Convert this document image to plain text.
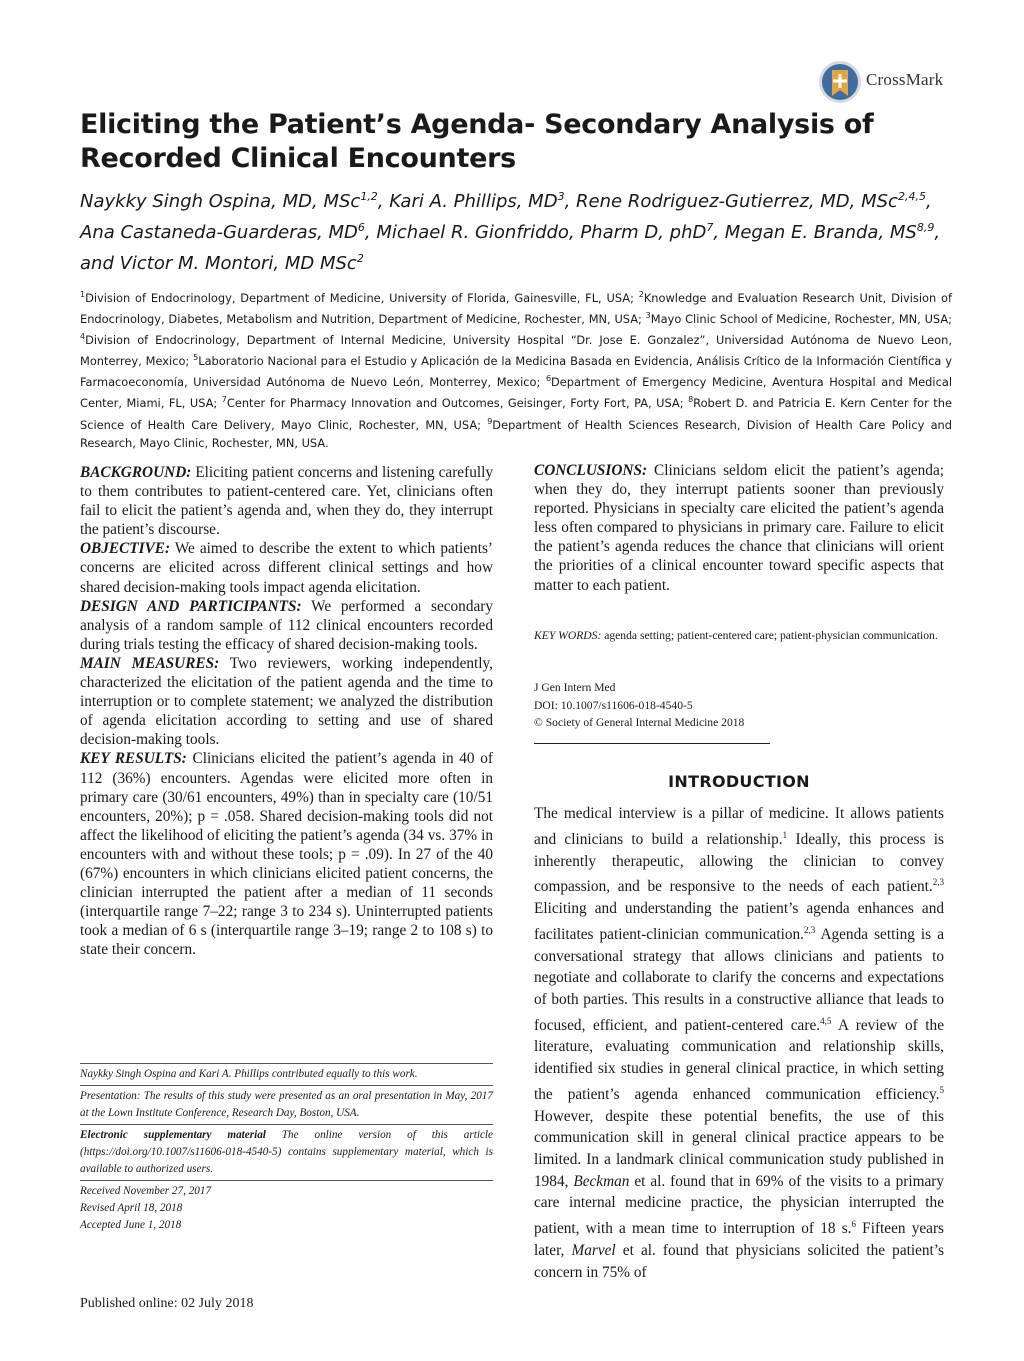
CrossMark
Eliciting the Patient’s Agenda- Secondary Analysis of Recorded Clinical Encounters
Naykky Singh Ospina, MD, MSc$^{1,2}$, Kari A. Phillips, $MD^3$, Rene Rodriguez-Gutierrez, MD, MSc$^{2,4,5}$, Ana Castaneda-Guarderas, $MD^6$, Michael R. Gionfriddo, Pharm D, phD$^7$, Megan E. Branda, MS$^{8,9}$, and Victor M. Montori, MD MSc$^2$
$^1$Division of Endocrinology, Department of Medicine, University of Florida, Gainesville, FL, USA; $^2$Knowledge and Evaluation Research Unit, Division of Endocrinology, Diabetes, Metabolism and Nutrition, Department of Medicine, Rochester, MN, USA; $^3$Mayo Clinic School of Medicine, Rochester, MN, USA; $^4$Division of Endocrinology, Department of Internal Medicine, University Hospital “Dr. Jose E. Gonzalez”, Universidad Autónoma de Nuevo Leon, Monterrey, Mexico; $^5$Laboratorio Nacional para el Estudio y Aplicación de la Medicina Basada en Evidencia, Análisis Crítico de la Información Científica y Farmacoeconomía, Universidad Autónoma de Nuevo León, Monterrey, Mexico; $^6$Department of Emergency Medicine, Aventura Hospital and Medical Center, Miami, FL, USA; $^7$Center for Pharmacy Innovation and Outcomes, Geisinger, Forty Fort, PA, USA; $^8$Robert D. and Patricia E. Kern Center for the Science of Health Care Delivery, Mayo Clinic, Rochester, MN, USA; $^9$Department of Health Sciences Research, Division of Health Care Policy and Research, Mayo Clinic, Rochester, MN, USA.

BACKGROUND: Eliciting patient concerns and listening carefully to them contributes to patient-centered care. Yet, clinicians often fail to elicit the patient’s agenda and, when they do, they interrupt the patient’s discourse.

OBJECTIVE: We aimed to describe the extent to which patients’ concerns are elicited across different clinical settings and how shared decision-making tools impact agenda elicitation.

DESIGN AND PARTICIPANTS: We performed a secondary analysis of a random sample of 112 clinical encounters recorded during trials testing the efficacy of shared decision-making tools.

MAIN MEASURES: Two reviewers, working independently, characterized the elicitation of the patient agenda and the time to interruption or to complete statement; we analyzed the distribution of agenda elicitation according to setting and use of shared decision-making tools.

KEY RESULTS: Clinicians elicited the patient’s agenda in 40 of 112 (36%) encounters. Agendas were elicited more often in primary care (30/61 encounters, 49%) than in specialty care (10/51 encounters, 20%); p = .058. Shared decision-making tools did not affect the likelihood of eliciting the patient’s agenda (34 vs. 37% in encounters with and without these tools; p = .09). In 27 of the 40 (67%) encounters in which clinicians elicited patient concerns, the clinician interrupted the patient after a median of 11 seconds (interquartile range 7–22; range 3 to 234 s). Uninterrupted patients took a median of 6 s (interquartile range 3–19; range 2 to 108 s) to state their concern.

CONCLUSIONS: Clinicians seldom elicit the patient’s agenda; when they do, they interrupt patients sooner than previously reported. Physicians in specialty care elicited the patient’s agenda less often compared to physicians in primary care. Failure to elicit the patient’s agenda reduces the chance that clinicians will orient the priorities of a clinical encounter toward specific aspects that matter to each patient.

KEY WORDS: agenda setting; patient-centered care; patient-physician communication.
J Gen Intern Med
DOI: 10.1007/s11606-018-4540-5
© Society of General Internal Medicine 2018
INTRODUCTION
The medical interview is a pillar of medicine. It allows patients and clinicians to build a relationship.$^1$ Ideally, this process is inherently therapeutic, allowing the clinician to convey compassion, and be responsive to the needs of each patient.$^{2,3}$ Eliciting and understanding the patient’s agenda enhances and facilitates patient-clinician communication.$^{2,3}$ Agenda setting is a conversational strategy that allows clinicians and patients to negotiate and collaborate to clarify the concerns and expectations of both parties. This results in a constructive alliance that leads to focused, efficient, and patient-centered care.$^{4,5}$ A review of the literature, evaluating communication and relationship skills, identified six studies in general clinical practice, in which setting the patient’s agenda enhanced communication efficiency.$^5$ However, despite these potential benefits, the use of this communication skill in general clinical practice appears to be limited. In a landmark clinical communication study published in 1984, Beckman et al. found that in 69% of the visits to a primary care internal medicine practice, the physician interrupted the patient, with a mean time to interruption of 18 s.$^6$ Fifteen years later, Marvel et al. found that physicians solicited the patient’s concern in 75% of

Naykky Singh Ospina and Kari A. Phillips contributed equally to this work.

Presentation: The results of this study were presented as an oral presentation in May, 2017 at the Lown Institute Conference, Research Day, Boston, USA.

Electronic supplementary material The online version of this article (https://doi.org/10.1007/s11606-018-4540-5) contains supplementary material, which is available to authorized users.

Received November 27, 2017

Revised April 18, 2018

Accepted June 1, 2018

Published online: 02 July 2018
